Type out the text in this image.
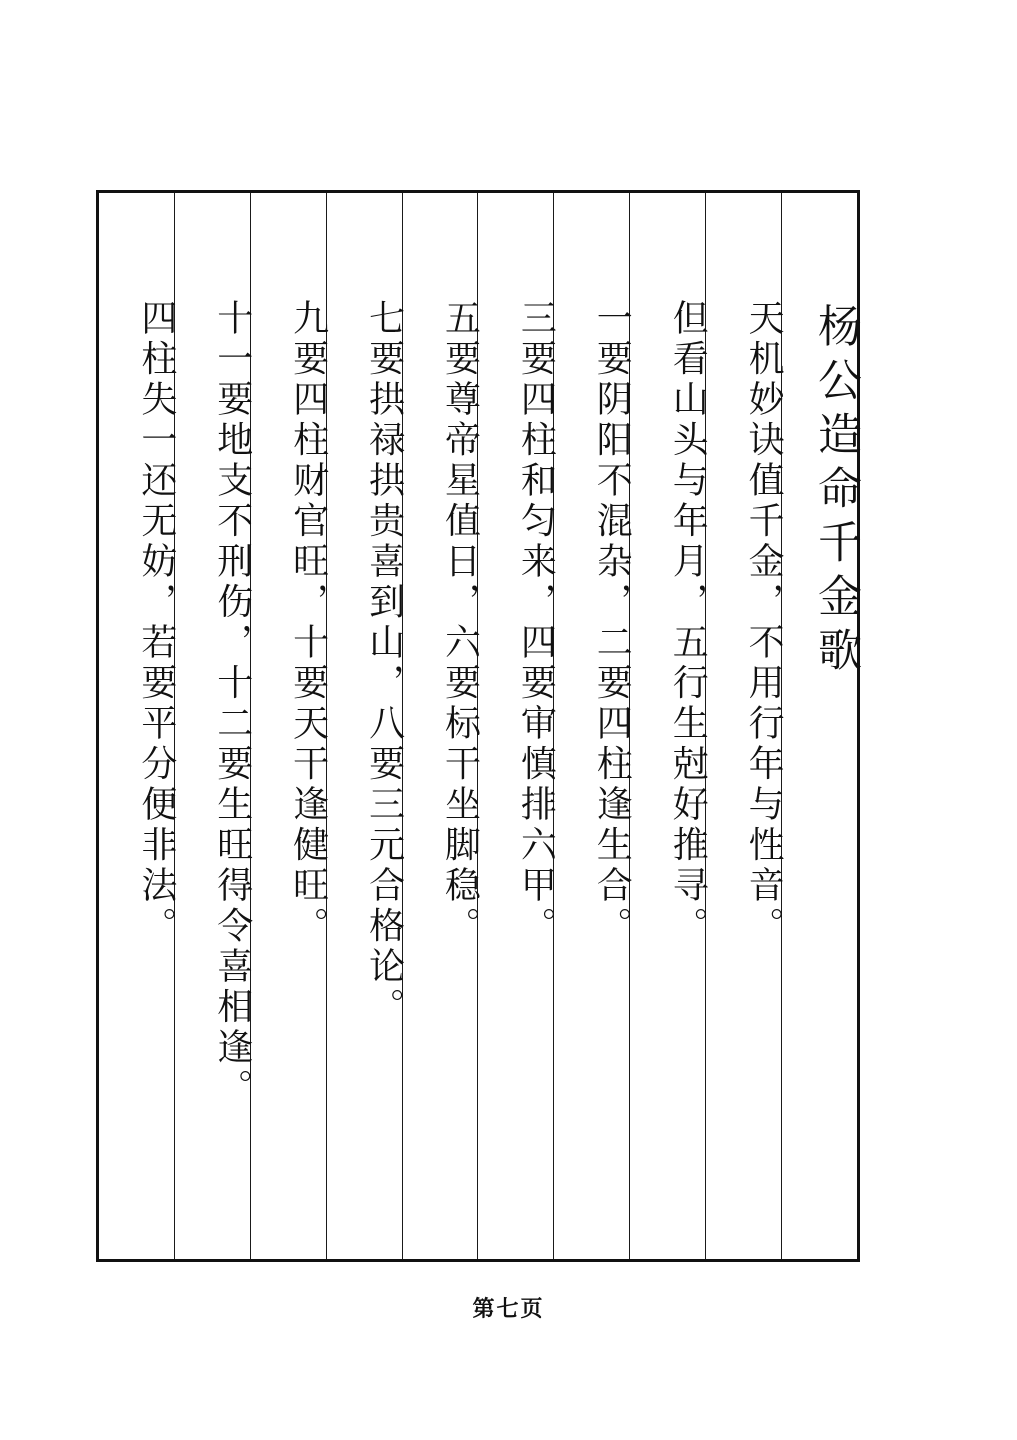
杨公造命千金歌
天机妙诀值千金，不用行年与性音。
但看山头与年月，五行生尅好推寻。
一要阴阳不混杂，二要四柱逢生合。
三要四柱和匀来，四要审慎排六甲。
五要尊帝星值日，六要标干坐脚稳。
七要拱禄拱贵喜到山，八要三元合格论。
九要四柱财官旺，十要天干逢健旺。
十一要地支不刑伤，十二要生旺得令喜相逢。
四柱失一还无妨，若要平分便非法。
第七页
